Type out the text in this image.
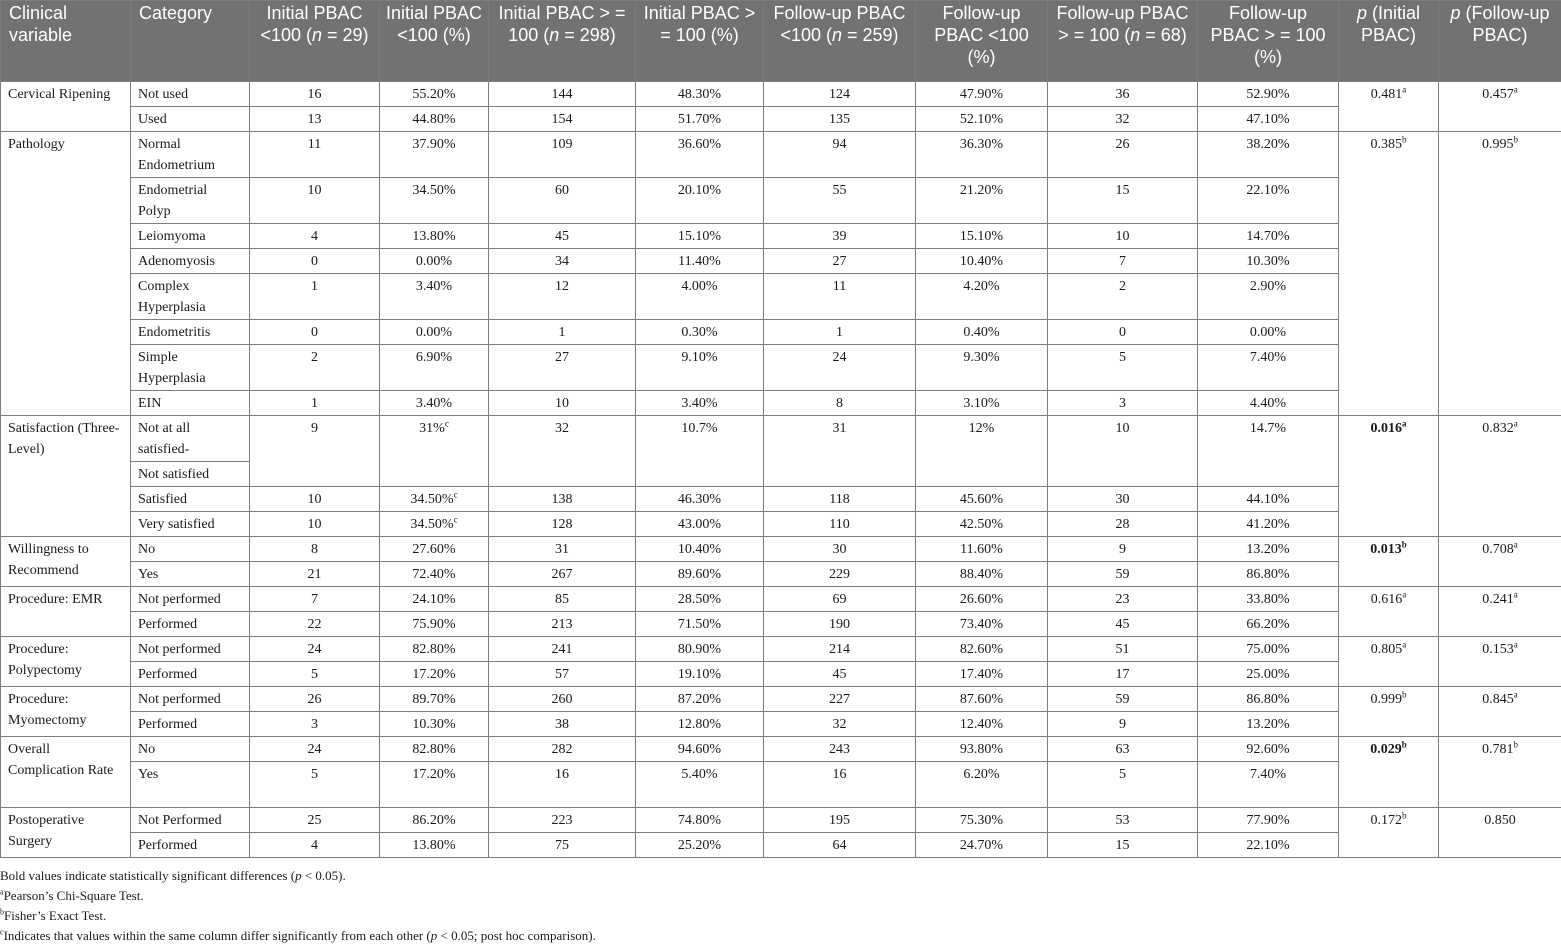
Clinical variable	Category	Initial PBAC <100 (n = 29)	Initial PBAC <100 (%)	Initial PBAC > = 100 (n = 298)	Initial PBAC > = 100 (%)	Follow-up PBAC <100 (n = 259)	Follow-up PBAC <100 (%)	Follow-up PBAC > = 100 (n = 68)	Follow-up PBAC > = 100 (%)	p (Initial PBAC)	p (Follow-up PBAC)
Cervical Ripening	Not used	16	55.20%	144	48.30%	124	47.90%	36	52.90%	0.481$^a$	0.457$^a$
	Used	13	44.80%	154	51.70%	135	52.10%	32	47.10%		
Pathology	Normal Endometrium	11	37.90%	109	36.60%	94	36.30%	26	38.20%	0.385$^b$	0.995$^b$
	Endometrial Polyp	10	34.50%	60	20.10%	55	21.20%	15	22.10%		
	Leiomyoma	4	13.80%	45	15.10%	39	15.10%	10	14.70%		
	Adenomyosis	0	0.00%	34	11.40%	27	10.40%	7	10.30%		
	Complex Hyperplasia	1	3.40%	12	4.00%	11	4.20%	2	2.90%		
	Endometritis	0	0.00%	1	0.30%	1	0.40%	0	0.00%		
	Simple Hyperplasia	2	6.90%	27	9.10%	24	9.30%	5	7.40%		
	EIN	1	3.40%	10	3.40%	8	3.10%	3	4.40%		
Satisfaction (Three-Level)	Not at all satisfied-	9	31%$^c$	32	10.7%	31	12%	10	14.7%	0.016$^a$	0.832$^a$
	Not satisfied										
	Satisfied	10	34.50%$^c$	138	46.30%	118	45.60%	30	44.10%		
	Very satisfied	10	34.50%$^c$	128	43.00%	110	42.50%	28	41.20%		
Willingness to Recommend	No	8	27.60%	31	10.40%	30	11.60%	9	13.20%	0.013$^b$	0.708$^a$
	Yes	21	72.40%	267	89.60%	229	88.40%	59	86.80%		
Procedure: EMR	Not performed	7	24.10%	85	28.50%	69	26.60%	23	33.80%	0.616$^a$	0.241$^a$
	Performed	22	75.90%	213	71.50%	190	73.40%	45	66.20%		
Procedure: Polypectomy	Not performed	24	82.80%	241	80.90%	214	82.60%	51	75.00%	0.805$^a$	0.153$^a$
	Performed	5	17.20%	57	19.10%	45	17.40%	17	25.00%		
Procedure: Myomectomy	Not performed	26	89.70%	260	87.20%	227	87.60%	59	86.80%	0.999$^b$	0.845$^a$
	Performed	3	10.30%	38	12.80%	32	12.40%	9	13.20%		
Overall Complication Rate	No	24	82.80%	282	94.60%	243	93.80%	63	92.60%	0.029$^b$	0.781$^b$
	Yes	5	17.20%	16	5.40%	16	6.20%	5	7.40%		
Postoperative Surgery	Not Performed	25	86.20%	223	74.80%	195	75.30%	53	77.90%	0.172$^b$	0.850
	Performed	4	13.80%	75	25.20%	64	24.70%	15	22.10%		
Bold values indicate statistically significant differences (p < 0.05).
$^a$Pearson’s Chi-Square Test.
$^b$Fisher’s Exact Test.
$^c$Indicates that values within the same column differ significantly from each other (p < 0.05; post hoc comparison).
